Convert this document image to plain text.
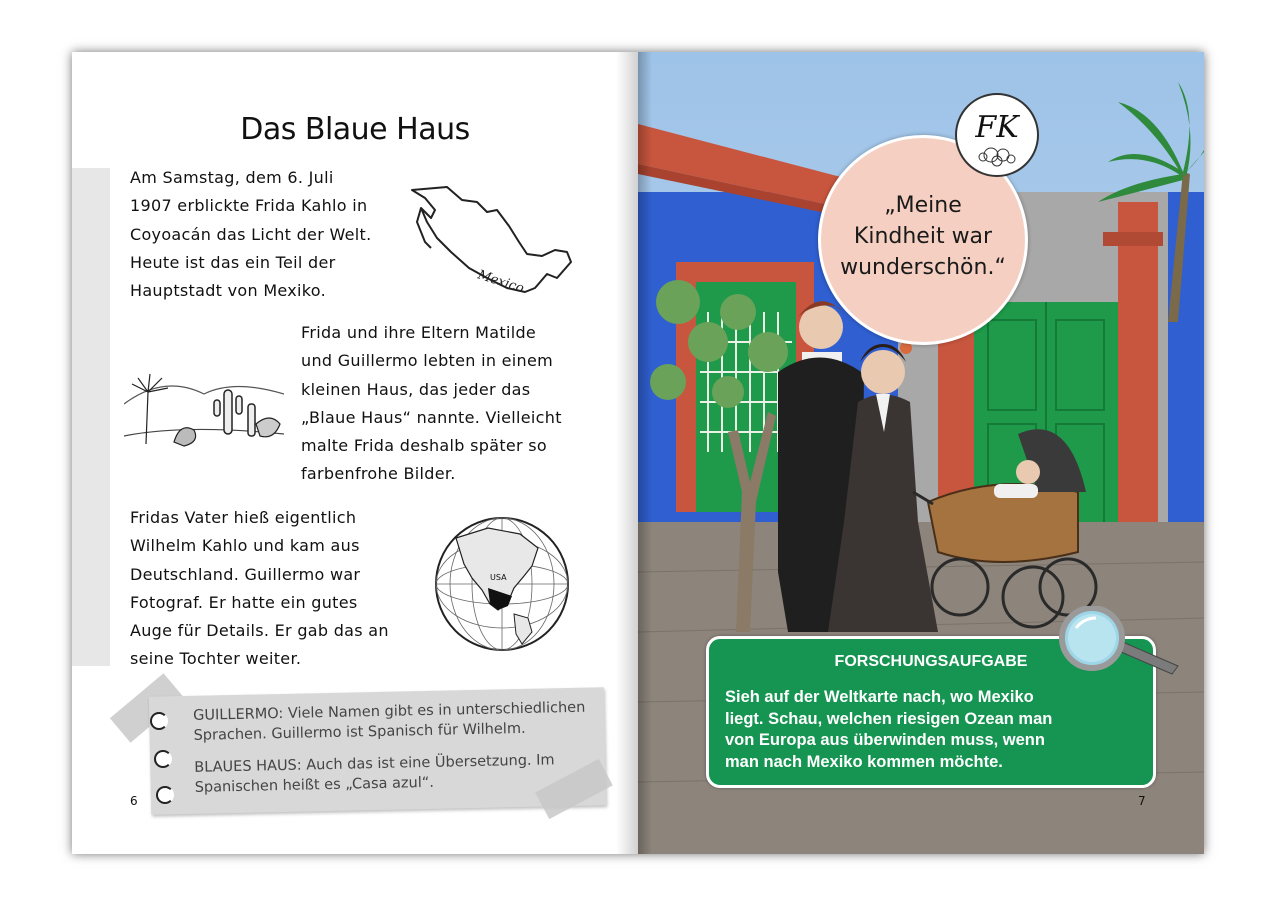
Das Blaue Haus

Am Samstag, dem 6. Juli
1907 erblickte Frida Kahlo in
Coyoacán das Licht der Welt.
Heute ist das ein Teil der
Hauptstadt von Mexiko.	Mexico

Frida und ihre Eltern Matilde
und Guillermo lebten in einem
kleinen Haus, das jeder das
„Blaue Haus“ nannte. Vielleicht
malte Frida deshalb später so
farbenfrohe Bilder.

Fridas Vater hieß eigentlich
Wilhelm Kahlo und kam aus
Deutschland. Guillermo war
Fotograf. Er hatte ein gutes
Auge für Details. Er gab das an
seine Tochter weiter.

USA

GUILLERMO: Viele Namen gibt es in unterschiedlichen
Sprachen. Guillermo ist Spanisch für Wilhelm.

BLAUES HAUS: Auch das ist eine Übersetzung. Im
Spanischen heißt es „Casa azul“.

6	7

„Meine
Kindheit war
wunderschön.“

FK
FORSCHUNGSAUFGABE

Sieh auf der Weltkarte nach, wo Mexiko
liegt. Schau, welchen riesigen Ozean man
von Europa aus überwinden muss, wenn
man nach Mexiko kommen möchte.
